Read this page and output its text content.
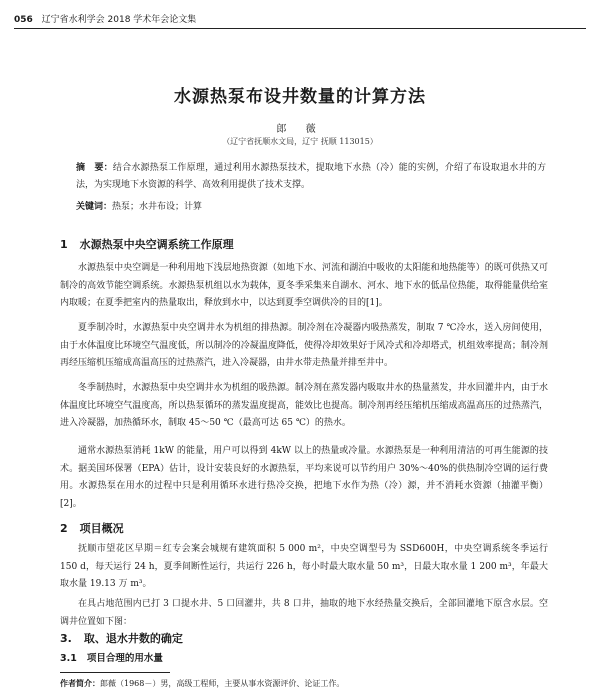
056 辽宁省水利学会 2018 学术年会论文集
水源热泵布设井数量的计算方法
郎 薇
（辽宁省抚顺水文局，辽宁 抚顺 113015）
摘　要：结合水源热泵工作原理，通过利用水源热泵技术，提取地下水热（冷）能的实例，介绍了布设取退水井的方法，为实现地下水资源的科学、高效利用提供了技术支撑。
关键词：热泵；水井布设；计算
1 水源热泵中央空调系统工作原理

水源热泵中央空调是一种利用地下浅层地热资源（如地下水、河流和湖泊中吸收的太阳能和地热能等）的既可供热又可制冷的高效节能空调系统。水源热泵机组以水为载体，夏冬季采集来自湖水、河水、地下水的低品位热能，取得能量供给室内取暖；在夏季把室内的热量取出，释放到水中，以达到夏季空调供冷的目的[1]。

夏季制冷时，水源热泵中央空调井水为机组的排热源。制冷剂在冷凝器内吸热蒸发，制取 7 ℃冷水，送入房间使用，由于水体温度比环境空气温度低，所以制冷的冷凝温度降低，使得冷却效果好于风冷式和冷却塔式，机组效率提高；制冷剂再经压缩机压缩成高温高压的过热蒸汽，进入冷凝器，由井水带走热量并排至井中。

冬季制热时，水源热泵中央空调井水为机组的吸热源。制冷剂在蒸发器内吸取井水的热量蒸发，井水回灌井内，由于水体温度比环境空气温度高，所以热泵循环的蒸发温度提高，能效比也提高。制冷剂再经压缩机压缩成高温高压的过热蒸汽，进入冷凝器，加热循环水，制取 45～50 ℃（最高可达 65 ℃）的热水。

通常水源热泵消耗 1kW 的能量，用户可以得到 4kW 以上的热量或冷量。水源热泵是一种利用清洁的可再生能源的技术。据美国环保署（EPA）估计，设计安装良好的水源热泵，平均来说可以节约用户 30%～40%的供热制冷空调的运行费用。水源热泵在用水的过程中只是利用循环水进行热冷交换，把地下水作为热（冷）源，并不消耗水资源（抽灌平衡）[2]。

2 项目概况

抚顺市望花区早期＝红专会案会城规有建筑面积 5 000 m²，中央空调型号为 SSD600H，中央空调系统冬季运行 150 d，每天运行 24 h，夏季间断性运行，共运行 226 h，每小时最大取水量 50 m³，日最大取水量 1 200 m³，年最大取水量 19.13 万 m³。

在具占地范围内已打 3 口提水井、5 口回灌井，共 8 口井，抽取的地下水经热量交换后，全部回灌地下原含水层。空调井位置如下图：

3. 取、退水井数的确定
3.1 项目合理的用水量
作者简介：郎薇（1968－）男，高级工程师，主要从事水资源评价、论证工作。
